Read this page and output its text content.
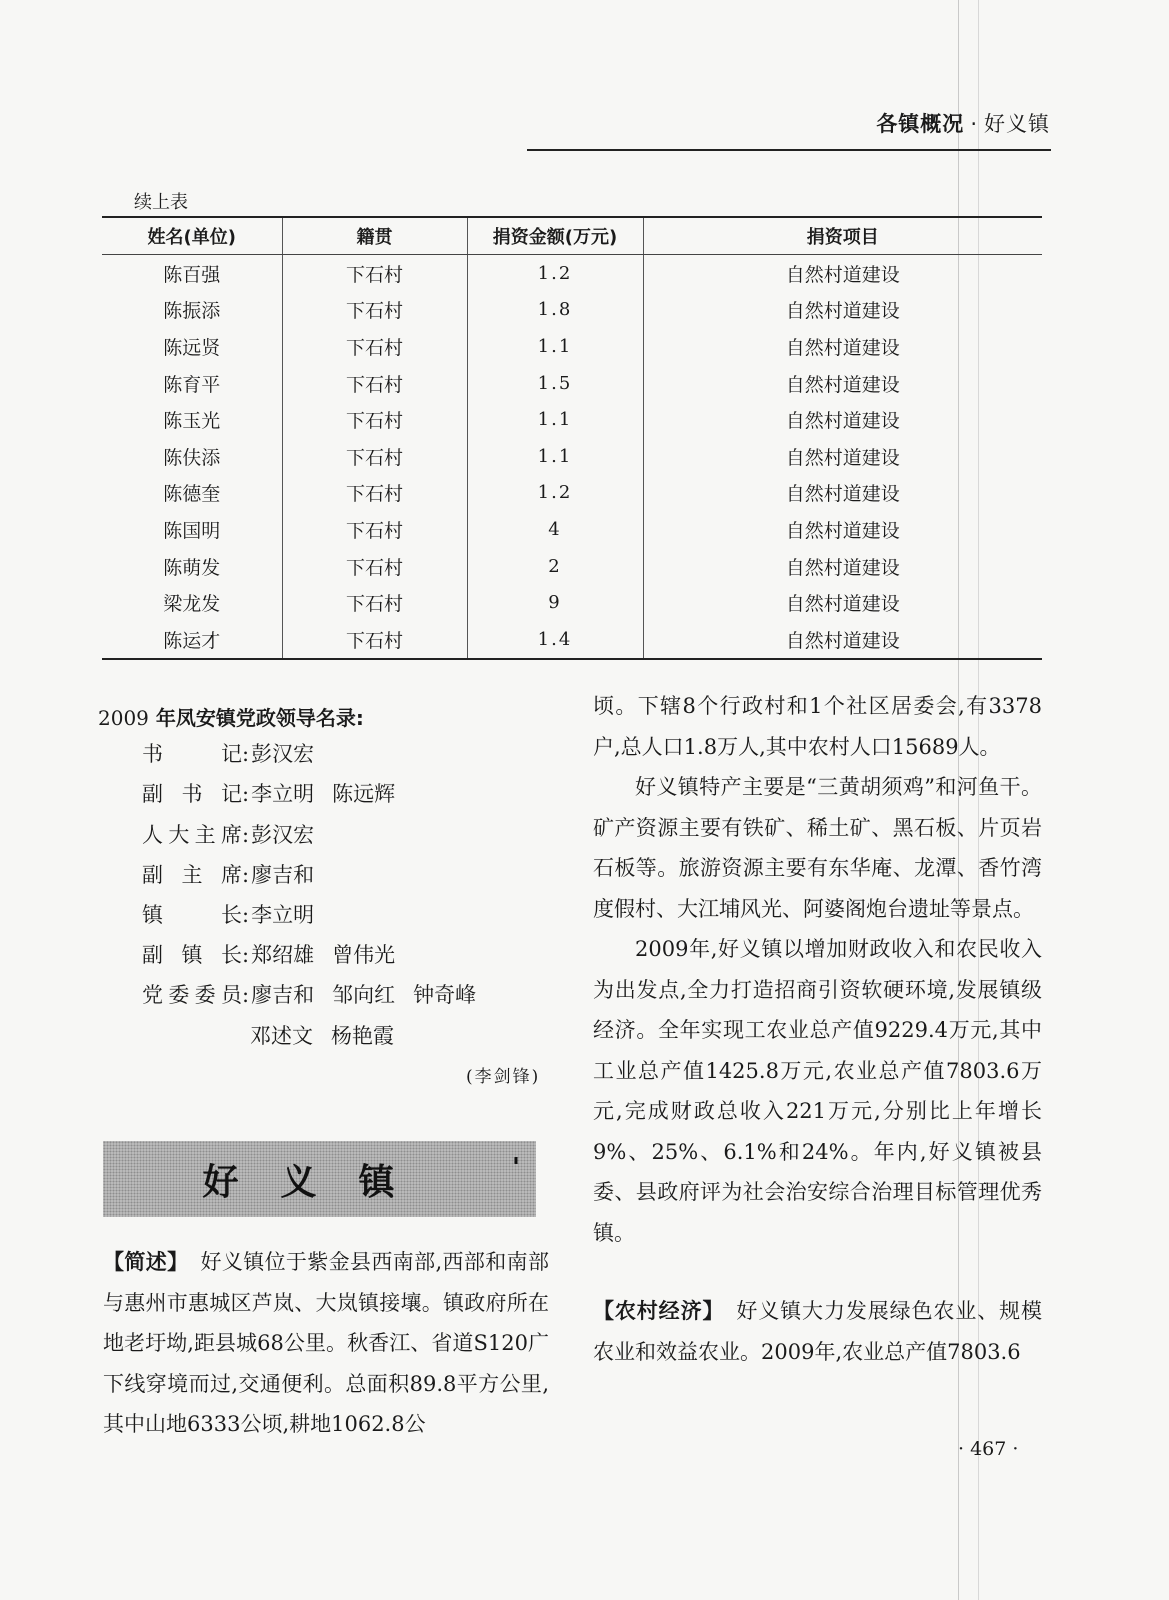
各镇概况 · 好义镇
续上表
姓名(单位)	籍贯	捐资金额(万元)	捐资项目
陈百强	下石村	1.2	自然村道建设
陈振添	下石村	1.8	自然村道建设
陈远贤	下石村	1.1	自然村道建设
陈育平	下石村	1.5	自然村道建设
陈玉光	下石村	1.1	自然村道建设
陈伕添	下石村	1.1	自然村道建设
陈德奎	下石村	1.2	自然村道建设
陈国明	下石村	4	自然村道建设
陈萌发	下石村	2	自然村道建设
梁龙发	下石村	9	自然村道建设
陈运才	下石村	1.4	自然村道建设
2009 年凤安镇党政领导名录:
书记:彭汉宏
副书记:李立明 陈远辉
人大主席:彭汉宏
副主席:廖吉和
镇长:李立明
副镇长:郑绍雄 曾伟光
党委委员:廖吉和 邹向红 钟奇峰
邓述文 杨艳霞
(李剑锋)
好义镇	'

【简述】 好义镇位于紫金县西南部,西部和南部与惠州市惠城区芦岚、大岚镇接壤。镇政府所在地老圩坳,距县城68公里。秋香江、省道S120广下线穿境而过,交通便利。总面积89.8平方公里,其中山地6333公顷,耕地1062.8公

顷。下辖8个行政村和1个社区居委会,有3378户,总人口1.8万人,其中农村人口15689人。

好义镇特产主要是“三黄胡须鸡”和河鱼干。矿产资源主要有铁矿、稀土矿、黑石板、片页岩石板等。旅游资源主要有东华庵、龙潭、香竹湾度假村、大江埔风光、阿婆阁炮台遗址等景点。

2009年,好义镇以增加财政收入和农民收入为出发点,全力打造招商引资软硬环境,发展镇级经济。全年实现工农业总产值9229.4万元,其中工业总产值1425.8万元,农业总产值7803.6万元,完成财政总收入221万元,分别比上年增长9%、25%、6.1%和24%。年内,好义镇被县委、县政府评为社会治安综合治理目标管理优秀镇。

【农村经济】 好义镇大力发展绿色农业、规模农业和效益农业。2009年,农业总产值7803.6

· 467 ·
